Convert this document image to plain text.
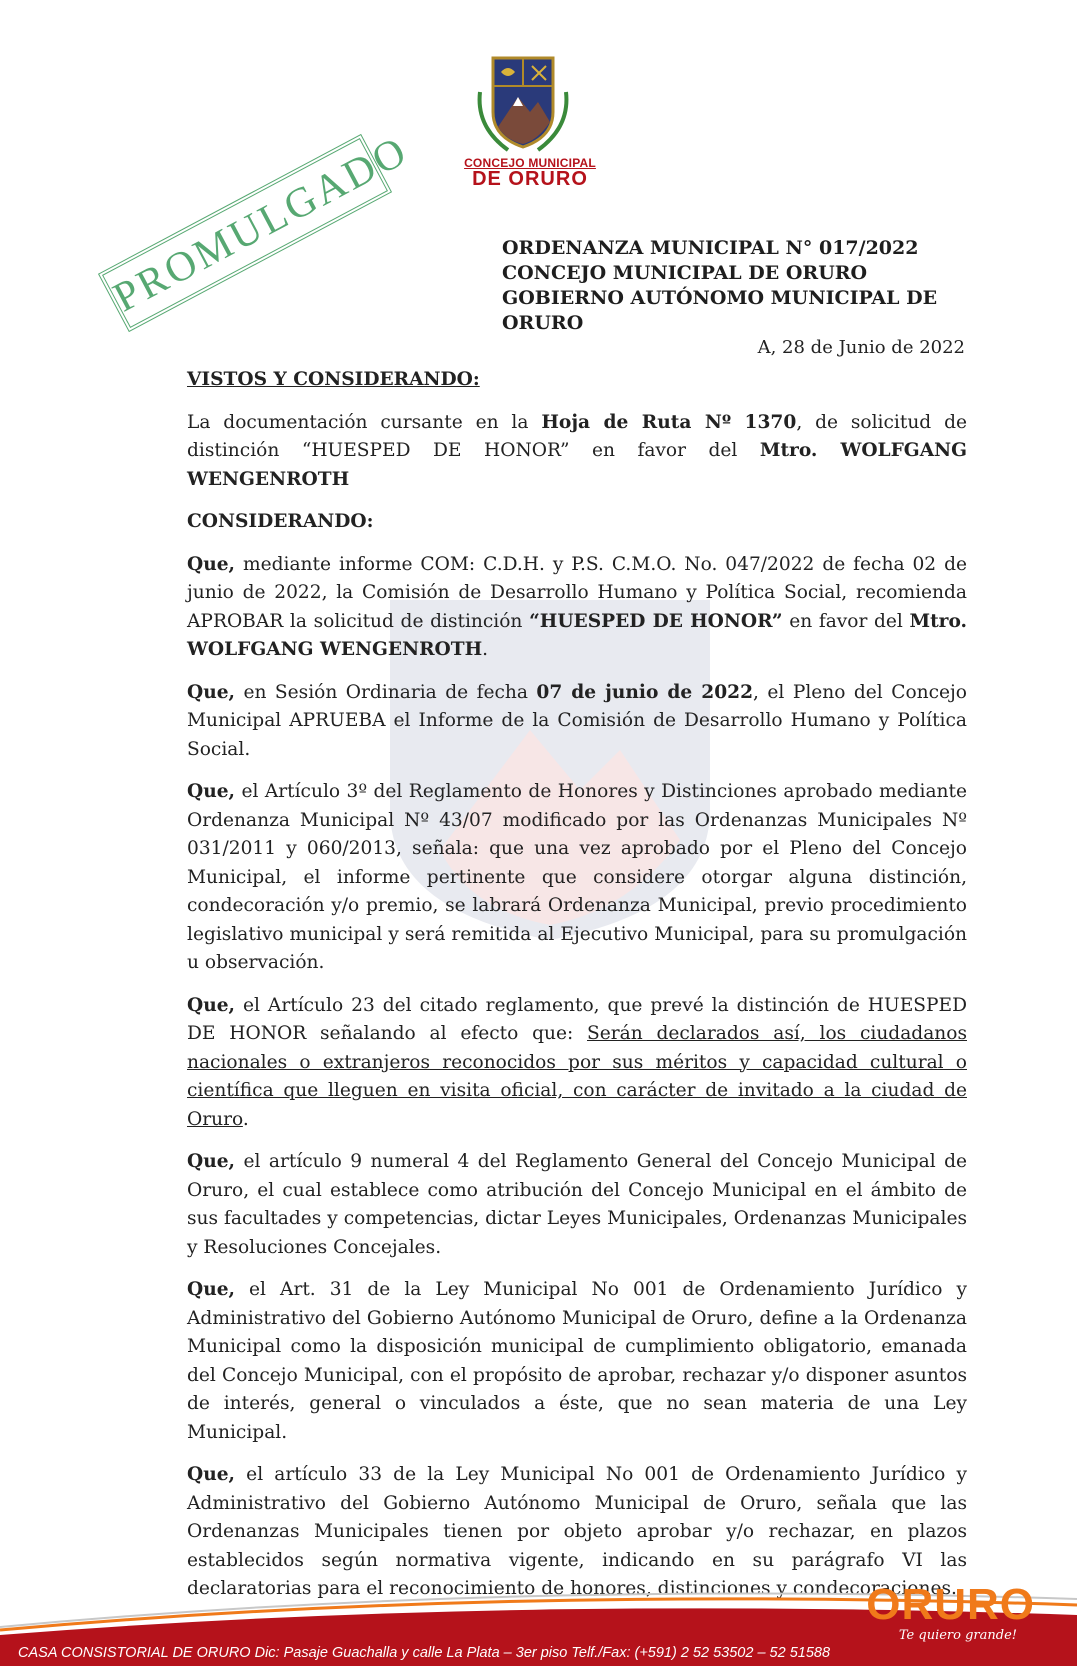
CONCEJO MUNICIPAL
DE ORURO
PROMULGADO	ORDENANZA MUNICIPAL N° 017/2022
CONCEJO MUNICIPAL DE ORURO
GOBIERNO AUTÓNOMO MUNICIPAL DE ORURO
A, 28 de Junio de 2022

VISTOS Y CONSIDERANDO:

La documentación cursante en la Hoja de Ruta Nº 1370, de solicitud de distinción “HUESPED DE HONOR” en favor del Mtro. WOLFGANG WENGENROTH

CONSIDERANDO:

Que, mediante informe COM: C.D.H. y P.S. C.M.O. No. 047/2022 de fecha 02 de junio de 2022, la Comisión de Desarrollo Humano y Política Social, recomienda APROBAR la solicitud de distinción “HUESPED DE HONOR” en favor del Mtro. WOLFGANG WENGENROTH.

Que, en Sesión Ordinaria de fecha 07 de junio de 2022, el Pleno del Concejo Municipal APRUEBA el Informe de la Comisión de Desarrollo Humano y Política Social.

Que, el Artículo 3º del Reglamento de Honores y Distinciones aprobado mediante Ordenanza Municipal Nº 43/07 modificado por las Ordenanzas Municipales Nº 031/2011 y 060/2013, señala: que una vez aprobado por el Pleno del Concejo Municipal, el informe pertinente que considere otorgar alguna distinción, condecoración y/o premio, se labrará Ordenanza Municipal, previo procedimiento legislativo municipal y será remitida al Ejecutivo Municipal, para su promulgación u observación.

Que, el Artículo 23 del citado reglamento, que prevé la distinción de HUESPED DE HONOR señalando al efecto que: Serán declarados así, los ciudadanos nacionales o extranjeros reconocidos por sus méritos y capacidad cultural o científica que lleguen en visita oficial, con carácter de invitado a la ciudad de Oruro.

Que, el artículo 9 numeral 4 del Reglamento General del Concejo Municipal de Oruro, el cual establece como atribución del Concejo Municipal en el ámbito de sus facultades y competencias, dictar Leyes Municipales, Ordenanzas Municipales y Resoluciones Concejales.

Que, el Art. 31 de la Ley Municipal No 001 de Ordenamiento Jurídico y Administrativo del Gobierno Autónomo Municipal de Oruro, define a la Ordenanza Municipal como la disposición municipal de cumplimiento obligatorio, emanada del Concejo Municipal, con el propósito de aprobar, rechazar y/o disponer asuntos de interés, general o vinculados a éste, que no sean materia de una Ley Municipal.

Que, el artículo 33 de la Ley Municipal No 001 de Ordenamiento Jurídico y Administrativo del Gobierno Autónomo Municipal de Oruro, señala que las Ordenanzas Municipales tienen por objeto aprobar y/o rechazar, en plazos establecidos según normativa vigente, indicando en su parágrafo VI las declaratorias para el reconocimiento de honores, distinciones y condecoraciones.

ORURO
Te quiero grande!
CASA CONSISTORIAL DE ORURO Dic: Pasaje Guachalla y calle La Plata – 3er piso Telf./Fax: (+591) 2 52 53502 – 52 51588
